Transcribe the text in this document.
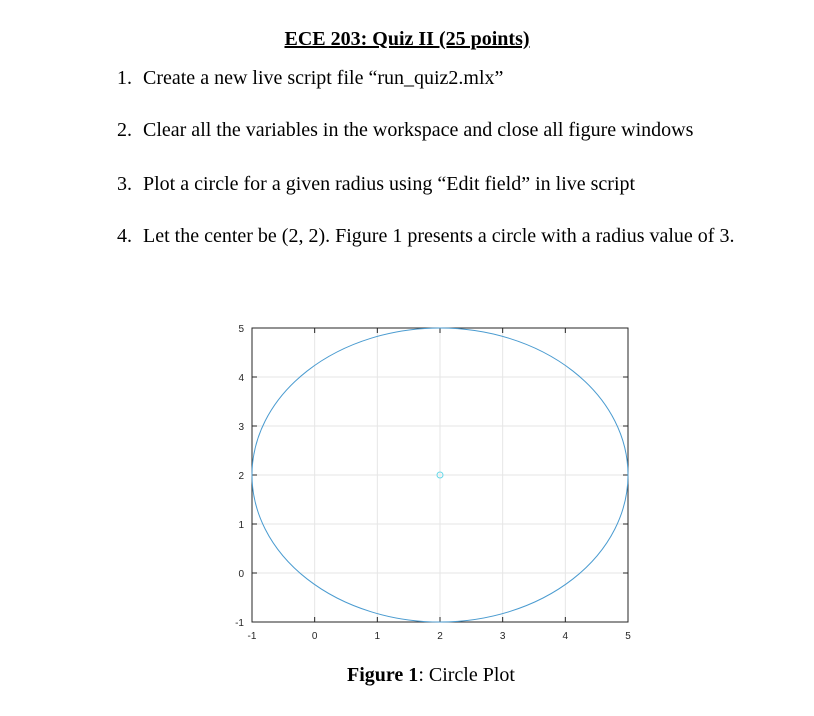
ECE 203: Quiz II (25 points)
1. Create a new live script file “run_quiz2.mlx”
2. Clear all the variables in the workspace and close all figure windows
3. Plot a circle for a given radius using “Edit field” in live script
4. Let the center be (2, 2). Figure 1 presents a circle with a radius value of 3.
-1	0	1	2	3	4	5
-1
0
1
2
3
4
5
Figure 1: Circle Plot
